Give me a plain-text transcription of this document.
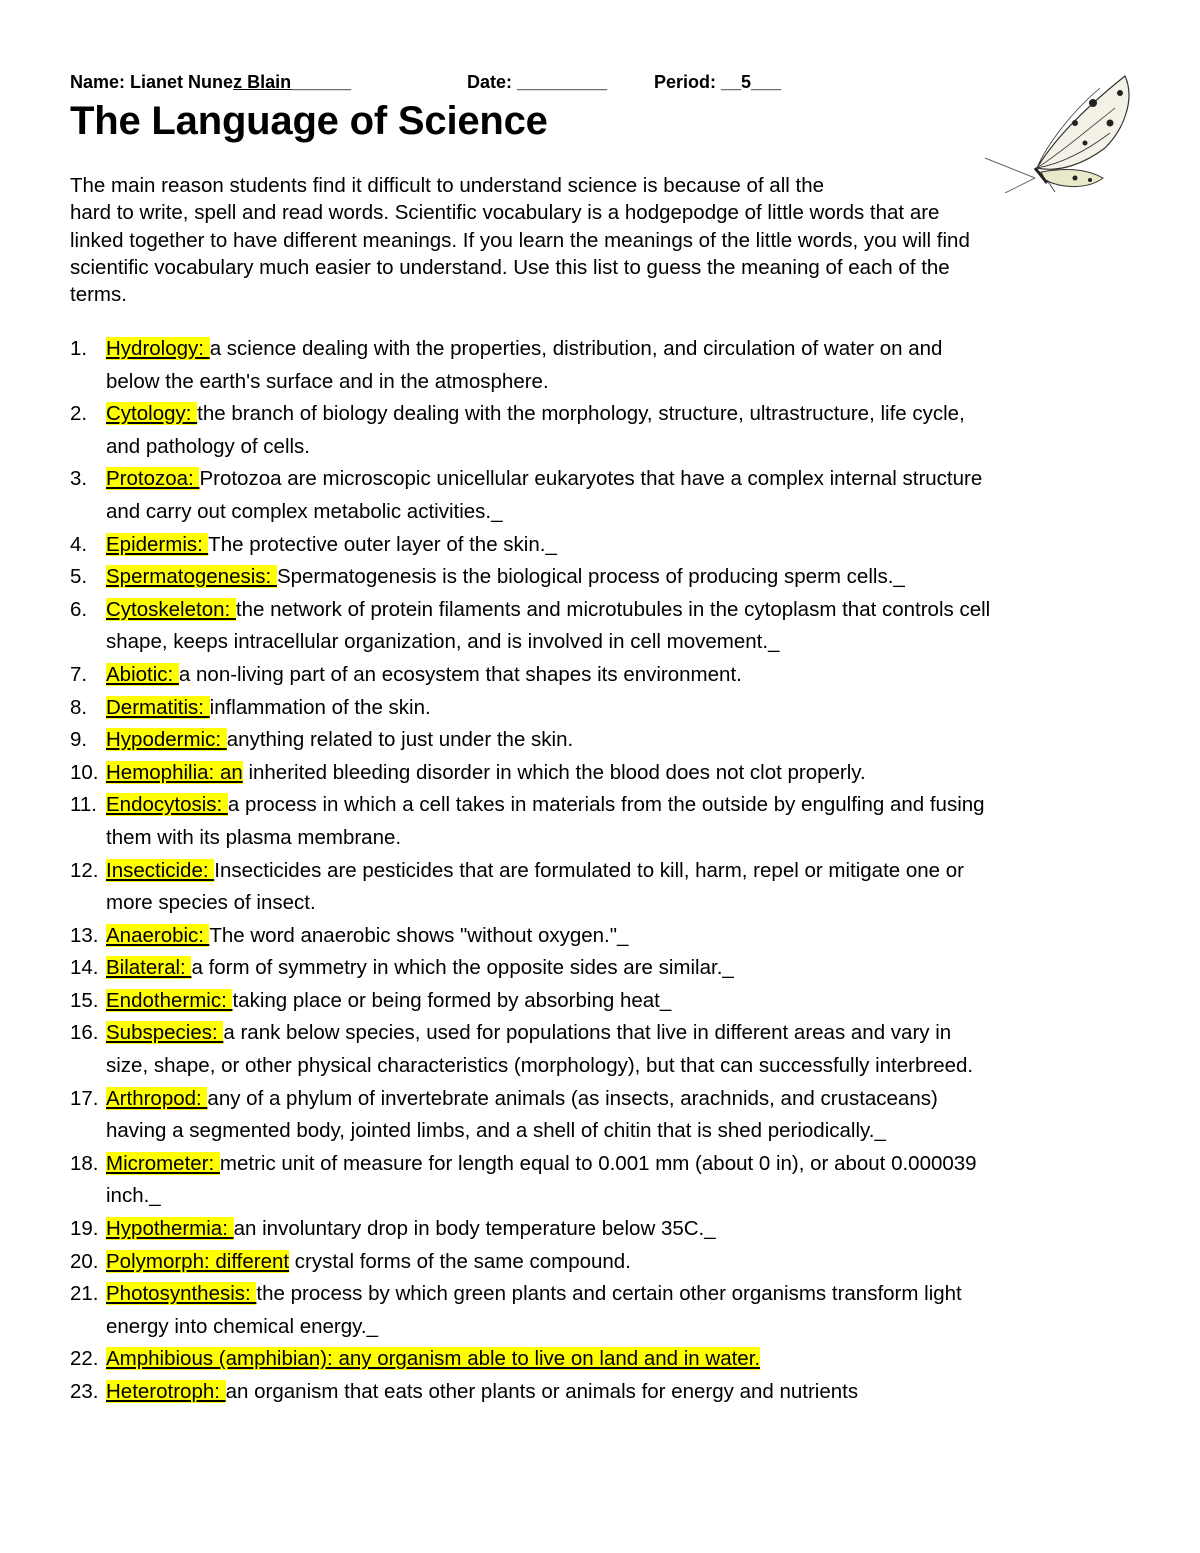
Name: Lianet Nunez Blain______	Date: _________	Period: __5___
The Language of Science
The main reason students find it difficult to understand science is because of all the
hard to write, spell and read words. Scientific vocabulary is a hodgepodge of little words that are
linked together to have different meanings. If you learn the meanings of the little words, you will find
scientific vocabulary much easier to understand. Use this list to guess the meaning of each of the
terms.
1. Hydrology: a science dealing with the properties, distribution, and circulation of water on and
below the earth's surface and in the atmosphere.
2. Cytology: the branch of biology dealing with the morphology, structure, ultrastructure, life cycle,
and pathology of cells.
3. Protozoa: Protozoa are microscopic unicellular eukaryotes that have a complex internal structure
and carry out complex metabolic activities._
4. Epidermis: The protective outer layer of the skin._
5. Spermatogenesis: Spermatogenesis is the biological process of producing sperm cells._
6. Cytoskeleton: the network of protein filaments and microtubules in the cytoplasm that controls cell
shape, keeps intracellular organization, and is involved in cell movement._
7. Abiotic: a non-living part of an ecosystem that shapes its environment.
8. Dermatitis: inflammation of the skin.
9. Hypodermic: anything related to just under the skin.
10. Hemophilia: an inherited bleeding disorder in which the blood does not clot properly.
11. Endocytosis: a process in which a cell takes in materials from the outside by engulfing and fusing
them with its plasma membrane.
12. Insecticide: Insecticides are pesticides that are formulated to kill, harm, repel or mitigate one or
more species of insect.
13. Anaerobic: The word anaerobic shows "without oxygen."_
14. Bilateral: a form of symmetry in which the opposite sides are similar._
15. Endothermic: taking place or being formed by absorbing heat_
16. Subspecies: a rank below species, used for populations that live in different areas and vary in
size, shape, or other physical characteristics (morphology), but that can successfully interbreed.
17. Arthropod: any of a phylum of invertebrate animals (as insects, arachnids, and crustaceans)
having a segmented body, jointed limbs, and a shell of chitin that is shed periodically._
18. Micrometer: metric unit of measure for length equal to 0.001 mm (about 0 in), or about 0.000039
inch._
19. Hypothermia: an involuntary drop in body temperature below 35C._
20. Polymorph: different crystal forms of the same compound.
21. Photosynthesis: the process by which green plants and certain other organisms transform light
energy into chemical energy._
22. Amphibious (amphibian): any organism able to live on land and in water.
23. Heterotroph: an organism that eats other plants or animals for energy and nutrients
